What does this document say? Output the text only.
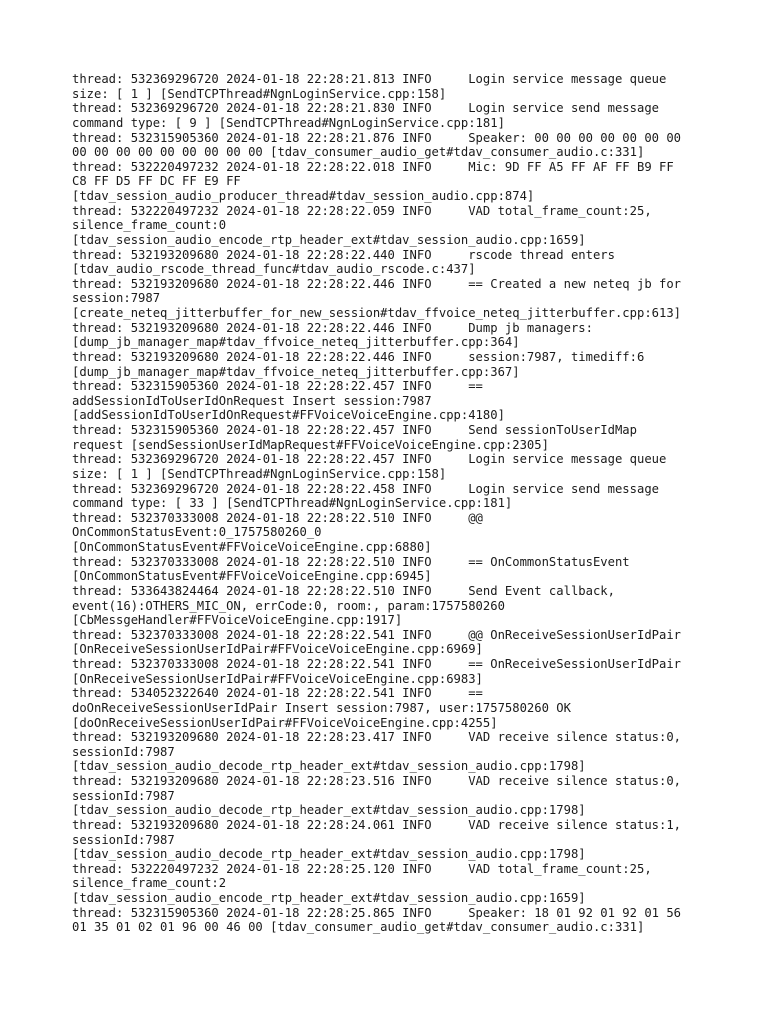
thread: 532369296720 2024-01-18 22:28:21.813 INFO     Login service message queue
size: [ 1 ] [SendTCPThread#NgnLoginService.cpp:158]
thread: 532369296720 2024-01-18 22:28:21.830 INFO     Login service send message
command type: [ 9 ] [SendTCPThread#NgnLoginService.cpp:181]
thread: 532315905360 2024-01-18 22:28:21.876 INFO     Speaker: 00 00 00 00 00 00 00
00 00 00 00 00 00 00 00 00 [tdav_consumer_audio_get#tdav_consumer_audio.c:331]
thread: 532220497232 2024-01-18 22:28:22.018 INFO     Mic: 9D FF A5 FF AF FF B9 FF
C8 FF D5 FF DC FF E9 FF
[tdav_session_audio_producer_thread#tdav_session_audio.cpp:874]
thread: 532220497232 2024-01-18 22:28:22.059 INFO     VAD total_frame_count:25,
silence_frame_count:0
[tdav_session_audio_encode_rtp_header_ext#tdav_session_audio.cpp:1659]
thread: 532193209680 2024-01-18 22:28:22.440 INFO     rscode thread enters
[tdav_audio_rscode_thread_func#tdav_audio_rscode.c:437]
thread: 532193209680 2024-01-18 22:28:22.446 INFO     == Created a new neteq jb for
session:7987
[create_neteq_jitterbuffer_for_new_session#tdav_ffvoice_neteq_jitterbuffer.cpp:613]
thread: 532193209680 2024-01-18 22:28:22.446 INFO     Dump jb managers:
[dump_jb_manager_map#tdav_ffvoice_neteq_jitterbuffer.cpp:364]
thread: 532193209680 2024-01-18 22:28:22.446 INFO     session:7987, timediff:6
[dump_jb_manager_map#tdav_ffvoice_neteq_jitterbuffer.cpp:367]
thread: 532315905360 2024-01-18 22:28:22.457 INFO     ==
addSessionIdToUserIdOnRequest Insert session:7987
[addSessionIdToUserIdOnRequest#FFVoiceVoiceEngine.cpp:4180]
thread: 532315905360 2024-01-18 22:28:22.457 INFO     Send sessionToUserIdMap
request [sendSessionUserIdMapRequest#FFVoiceVoiceEngine.cpp:2305]
thread: 532369296720 2024-01-18 22:28:22.457 INFO     Login service message queue
size: [ 1 ] [SendTCPThread#NgnLoginService.cpp:158]
thread: 532369296720 2024-01-18 22:28:22.458 INFO     Login service send message
command type: [ 33 ] [SendTCPThread#NgnLoginService.cpp:181]
thread: 532370333008 2024-01-18 22:28:22.510 INFO     @@
OnCommonStatusEvent:0_1757580260_0
[OnCommonStatusEvent#FFVoiceVoiceEngine.cpp:6880]
thread: 532370333008 2024-01-18 22:28:22.510 INFO     == OnCommonStatusEvent
[OnCommonStatusEvent#FFVoiceVoiceEngine.cpp:6945]
thread: 533643824464 2024-01-18 22:28:22.510 INFO     Send Event callback,
event(16):OTHERS_MIC_ON, errCode:0, room:, param:1757580260
[CbMessgeHandler#FFVoiceVoiceEngine.cpp:1917]
thread: 532370333008 2024-01-18 22:28:22.541 INFO     @@ OnReceiveSessionUserIdPair
[OnReceiveSessionUserIdPair#FFVoiceVoiceEngine.cpp:6969]
thread: 532370333008 2024-01-18 22:28:22.541 INFO     == OnReceiveSessionUserIdPair
[OnReceiveSessionUserIdPair#FFVoiceVoiceEngine.cpp:6983]
thread: 534052322640 2024-01-18 22:28:22.541 INFO     ==
doOnReceiveSessionUserIdPair Insert session:7987, user:1757580260 OK
[doOnReceiveSessionUserIdPair#FFVoiceVoiceEngine.cpp:4255]
thread: 532193209680 2024-01-18 22:28:23.417 INFO     VAD receive silence status:0,
sessionId:7987
[tdav_session_audio_decode_rtp_header_ext#tdav_session_audio.cpp:1798]
thread: 532193209680 2024-01-18 22:28:23.516 INFO     VAD receive silence status:0,
sessionId:7987
[tdav_session_audio_decode_rtp_header_ext#tdav_session_audio.cpp:1798]
thread: 532193209680 2024-01-18 22:28:24.061 INFO     VAD receive silence status:1,
sessionId:7987
[tdav_session_audio_decode_rtp_header_ext#tdav_session_audio.cpp:1798]
thread: 532220497232 2024-01-18 22:28:25.120 INFO     VAD total_frame_count:25,
silence_frame_count:2
[tdav_session_audio_encode_rtp_header_ext#tdav_session_audio.cpp:1659]
thread: 532315905360 2024-01-18 22:28:25.865 INFO     Speaker: 18 01 92 01 92 01 56
01 35 01 02 01 96 00 46 00 [tdav_consumer_audio_get#tdav_consumer_audio.c:331]
